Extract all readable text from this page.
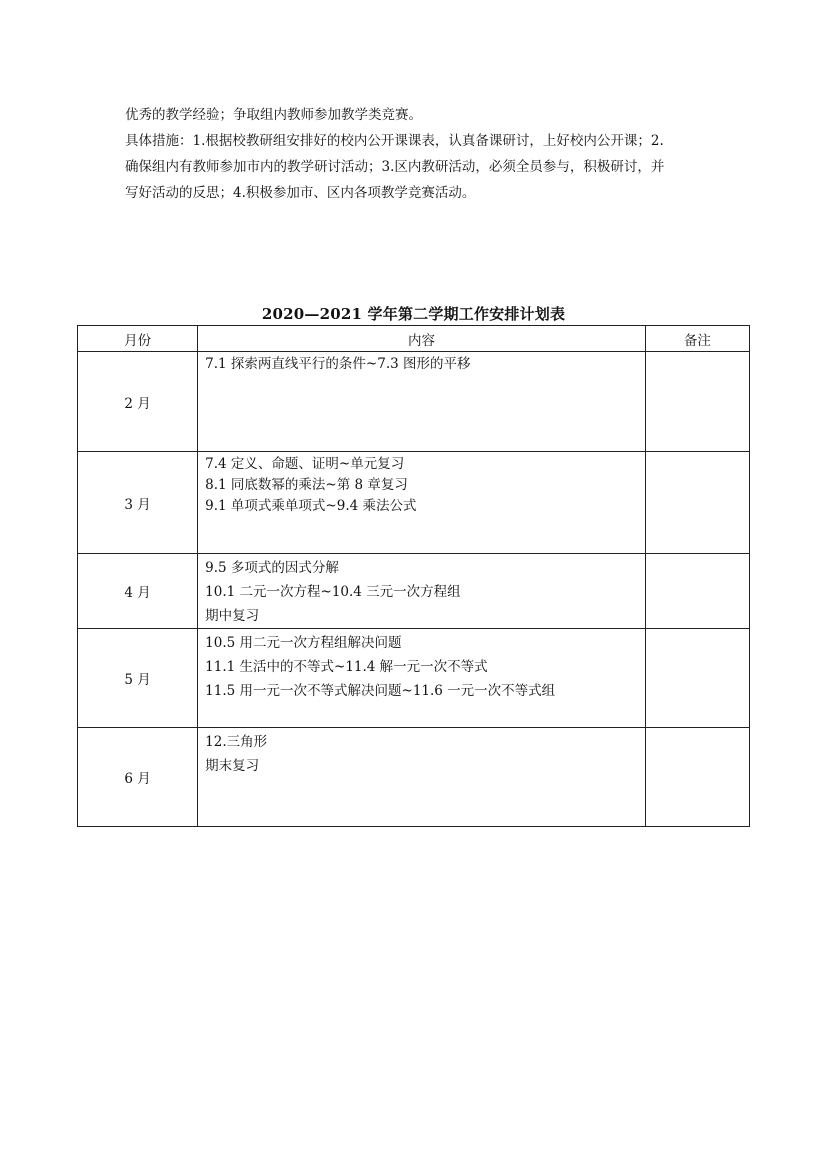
优秀的教学经验；争取组内教师参加教学类竞赛。

具体措施：1.根据校教研组安排好的校内公开课课表，认真备课研讨，上好校内公开课；2.

确保组内有教师参加市内的教学研讨活动；3.区内教研活动，必须全员参与，积极研讨，并

写好活动的反思；4.积极参加市、区内各项教学竞赛活动。

2020—2021 学年第二学期工作安排计划表
月份	内容	备注
2 月	7.1 探索两直线平行的条件~7.3 图形的平移	

3 月	7.4 定义、命题、证明~单元复习
8.1 同底数幂的乘法~第 8 章复习
9.1 单项式乘单项式~9.4 乘法公式	

4 月	9.5 多项式的因式分解
10.1 二元一次方程~10.4 三元一次方程组
期中复习	

5 月	10.5 用二元一次方程组解决问题
11.1 生活中的不等式~11.4 解一元一次不等式
11.5 用一元一次不等式解决问题~11.6 一元一次不等式组	

6 月	12.三角形
期末复习	
